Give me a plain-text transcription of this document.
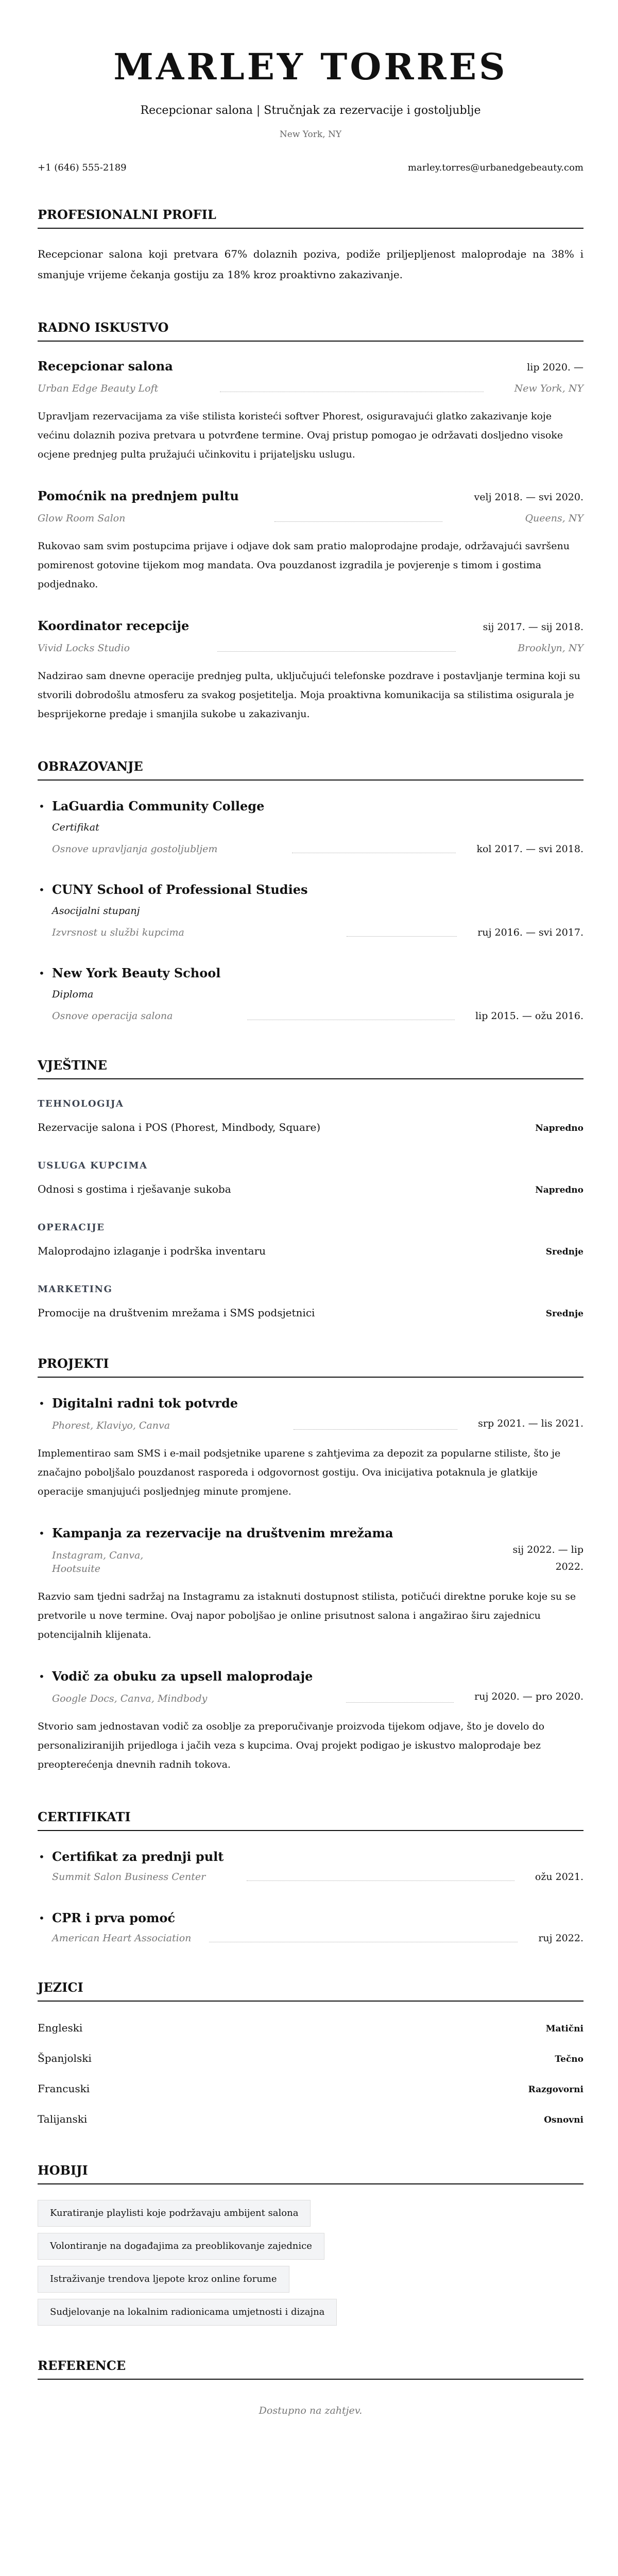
MARLEY TORRES
Recepcionar salona | Stručnjak za rezervacije i gostoljublje
New York, NY
+1 (646) 555-2189	marley.torres@urbanedgebeauty.com
PROFESIONALNI PROFIL

Recepcionar salona koji pretvara 67% dolaznih poziva, podiže priljepljenost maloprodaje na 38% i smanjuje vrijeme čekanja gostiju za 18% kroz proaktivno zakazivanje.

RADNO ISKUSTVO
Recepcionar salona	lip 2020. —
Urban Edge Beauty Loft	New York, NY

Upravljam rezervacijama za više stilista koristeći softver Phorest, osiguravajući glatko zakazivanje koje većinu dolaznih poziva pretvara u potvrđene termine. Ovaj pristup pomogao je održavati dosljedno visoke ocjene prednjeg pulta pružajući učinkovitu i prijateljsku uslugu.

Pomoćnik na prednjem pultu	velj 2018. — svi 2020.
Glow Room Salon	Queens, NY

Rukovao sam svim postupcima prijave i odjave dok sam pratio maloprodajne prodaje, održavajući savršenu pomirenost gotovine tijekom mog mandata. Ova pouzdanost izgradila je povjerenje s timom i gostima podjednako.

Koordinator recepcije	sij 2017. — sij 2018.
Vivid Locks Studio	Brooklyn, NY

Nadzirao sam dnevne operacije prednjeg pulta, uključujući telefonske pozdrave i postavljanje termina koji su stvorili dobrodošlu atmosferu za svakog posjetitelja. Moja proaktivna komunikacija sa stilistima osigurala je besprijekorne predaje i smanjila sukobe u zakazivanju.

OBRAZOVANJE
• LaGuardia Community College
Certifikat
Osnove upravljanja gostoljubljem	kol 2017. — svi 2018.
• CUNY School of Professional Studies
Asocijalni stupanj
Izvrsnost u službi kupcima	ruj 2016. — svi 2017.
• New York Beauty School
Diploma
Osnove operacija salona	lip 2015. — ožu 2016.
VJEŠTINE
TEHNOLOGIJA
Rezervacije salona i POS (Phorest, Mindbody, Square)	Napredno
USLUGA KUPCIMA
Odnosi s gostima i rješavanje sukoba	Napredno
OPERACIJE
Maloprodajno izlaganje i podrška inventaru	Srednje
MARKETING
Promocije na društvenim mrežama i SMS podsjetnici	Srednje
PROJEKTI
• Digitalni radni tok potvrde
Phorest, Klaviyo, Canva	srp 2021. — lis 2021.

Implementirao sam SMS i e-mail podsjetnike uparene s zahtjevima za depozit za popularne stiliste, što je značajno poboljšalo pouzdanost rasporeda i odgovornost gostiju. Ova inicijativa potaknula je glatkije operacije smanjujući posljednjeg minute promjene.

• Kampanja za rezervacije na društvenim mrežama
Instagram, Canva, Hootsuite
sij 2022. — lip 2022.

Razvio sam tjedni sadržaj na Instagramu za istaknuti dostupnost stilista, potičući direktne poruke koje su se pretvorile u nove termine. Ovaj napor poboljšao je online prisutnost salona i angažirao širu zajednicu potencijalnih klijenata.

• Vodič za obuku za upsell maloprodaje
Google Docs, Canva, Mindbody	ruj 2020. — pro 2020.

Stvorio sam jednostavan vodič za osoblje za preporučivanje proizvoda tijekom odjave, što je dovelo do personaliziranijih prijedloga i jačih veza s kupcima. Ovaj projekt podigao je iskustvo maloprodaje bez preopterećenja dnevnih radnih tokova.

CERTIFIKATI
• Certifikat za prednji pult
Summit Salon Business Center	ožu 2021.
• CPR i prva pomoć
American Heart Association	ruj 2022.
JEZICI
Engleski	Matični
Španjolski	Tečno
Francuski	Razgovorni
Talijanski	Osnovni
HOBIJI
Kuratiranje playlisti koje podržavaju ambijent salona
Volontiranje na događajima za preoblikovanje zajednice
Istraživanje trendova ljepote kroz online forume
Sudjelovanje na lokalnim radionicama umjetnosti i dizajna
REFERENCE
Dostupno na zahtjev.
